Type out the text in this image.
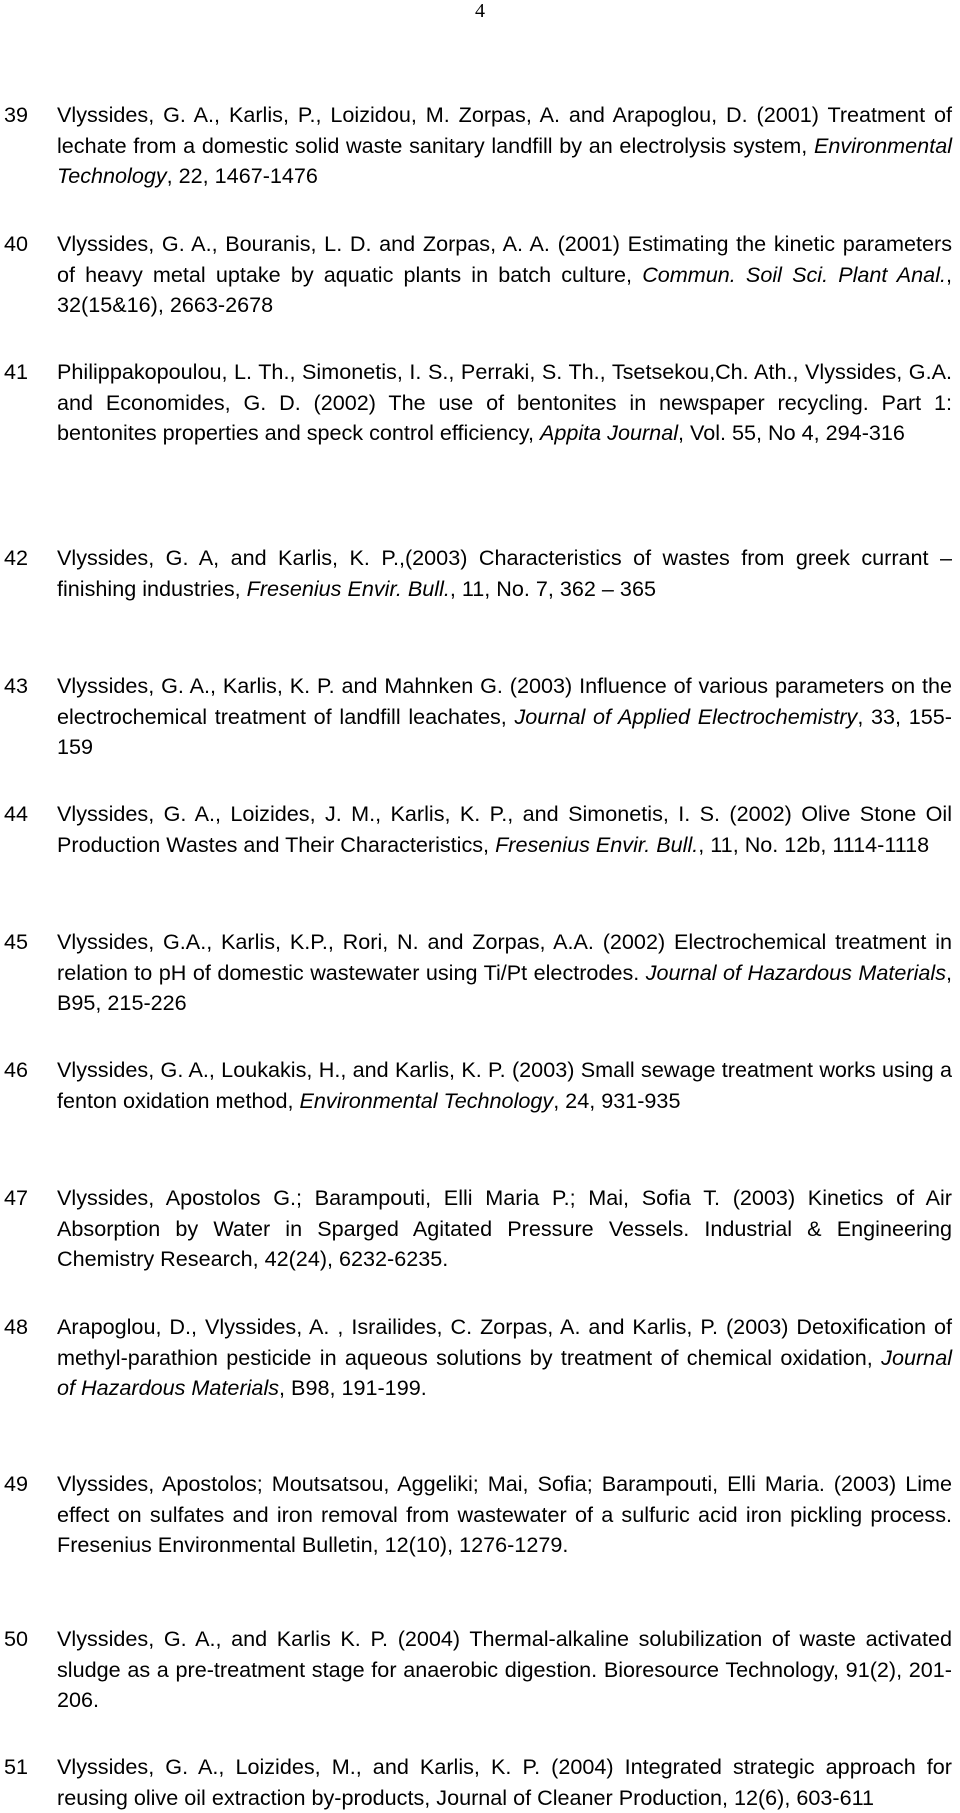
4
39 Vlyssides, G. A., Karlis, P., Loizidou, M. Zorpas, A. and Arapoglou, D. (2001) Treatment of lechate from a domestic solid waste sanitary landfill by an electrolysis system, Environmental Technology, 22, 1467-1476
40 Vlyssides, G. A., Bouranis, L. D. and Zorpas, A. A. (2001) Estimating the kinetic parameters of heavy metal uptake by aquatic plants in batch culture, Commun. Soil Sci. Plant Anal., 32(15&16), 2663-2678
41 Philippakopoulou, L. Th., Simonetis, I. S., Perraki, S. Th., Tsetsekou,Ch. Ath., Vlyssides, G.A. and Economides, G. D. (2002) The use of bentonites in newspaper recycling. Part 1: bentonites properties and speck control efficiency, Appita Journal, Vol. 55, No 4, 294-316
42 Vlyssides, G. A, and Karlis, K. P.,(2003) Characteristics of wastes from greek currant – finishing industries, Fresenius Envir. Bull., 11, No. 7, 362 – 365
43 Vlyssides, G. A., Karlis, K. P. and Mahnken G. (2003) Influence of various parameters on the electrochemical treatment of landfill leachates, Journal of Applied Electrochemistry, 33, 155-159
44 Vlyssides, G. A., Loizides, J. M., Karlis, K. P., and Simonetis, I. S. (2002) Olive Stone Oil Production Wastes and Their Characteristics, Fresenius Envir. Bull., 11, No. 12b, 1114-1118
45 Vlyssides, G.A., Karlis, K.P., Rori, N. and Zorpas, A.A. (2002) Electrochemical treatment in relation to pH of domestic wastewater using Ti/Pt electrodes. Journal of Hazardous Materials, B95, 215-226
46 Vlyssides, G. A., Loukakis, H., and Karlis, K. P. (2003) Small sewage treatment works using a fenton oxidation method, Environmental Technology, 24, 931-935
47 Vlyssides, Apostolos G.; Barampouti, Elli Maria P.; Mai, Sofia T. (2003) Kinetics of Air Absorption by Water in Sparged Agitated Pressure Vessels. Industrial & Engineering Chemistry Research, 42(24), 6232-6235.
48 Arapoglou, D., Vlyssides, A. , Israilides, C. Zorpas, A. and Karlis, P. (2003) Detoxification of methyl-parathion pesticide in aqueous solutions by treatment of chemical oxidation, Journal of Hazardous Materials, B98, 191-199.
49 Vlyssides, Apostolos; Moutsatsou, Aggeliki; Mai, Sofia; Barampouti, Elli Maria. (2003) Lime effect on sulfates and iron removal from wastewater of a sulfuric acid iron pickling process. Fresenius Environmental Bulletin, 12(10), 1276-1279.
50 Vlyssides, G. A., and Karlis K. P. (2004) Thermal-alkaline solubilization of waste activated sludge as a pre-treatment stage for anaerobic digestion. Bioresource Technology, 91(2), 201-206.
51 Vlyssides, G. A., Loizides, M., and Karlis, K. P. (2004) Integrated strategic approach for reusing olive oil extraction by-products, Journal of Cleaner Production, 12(6), 603-611
